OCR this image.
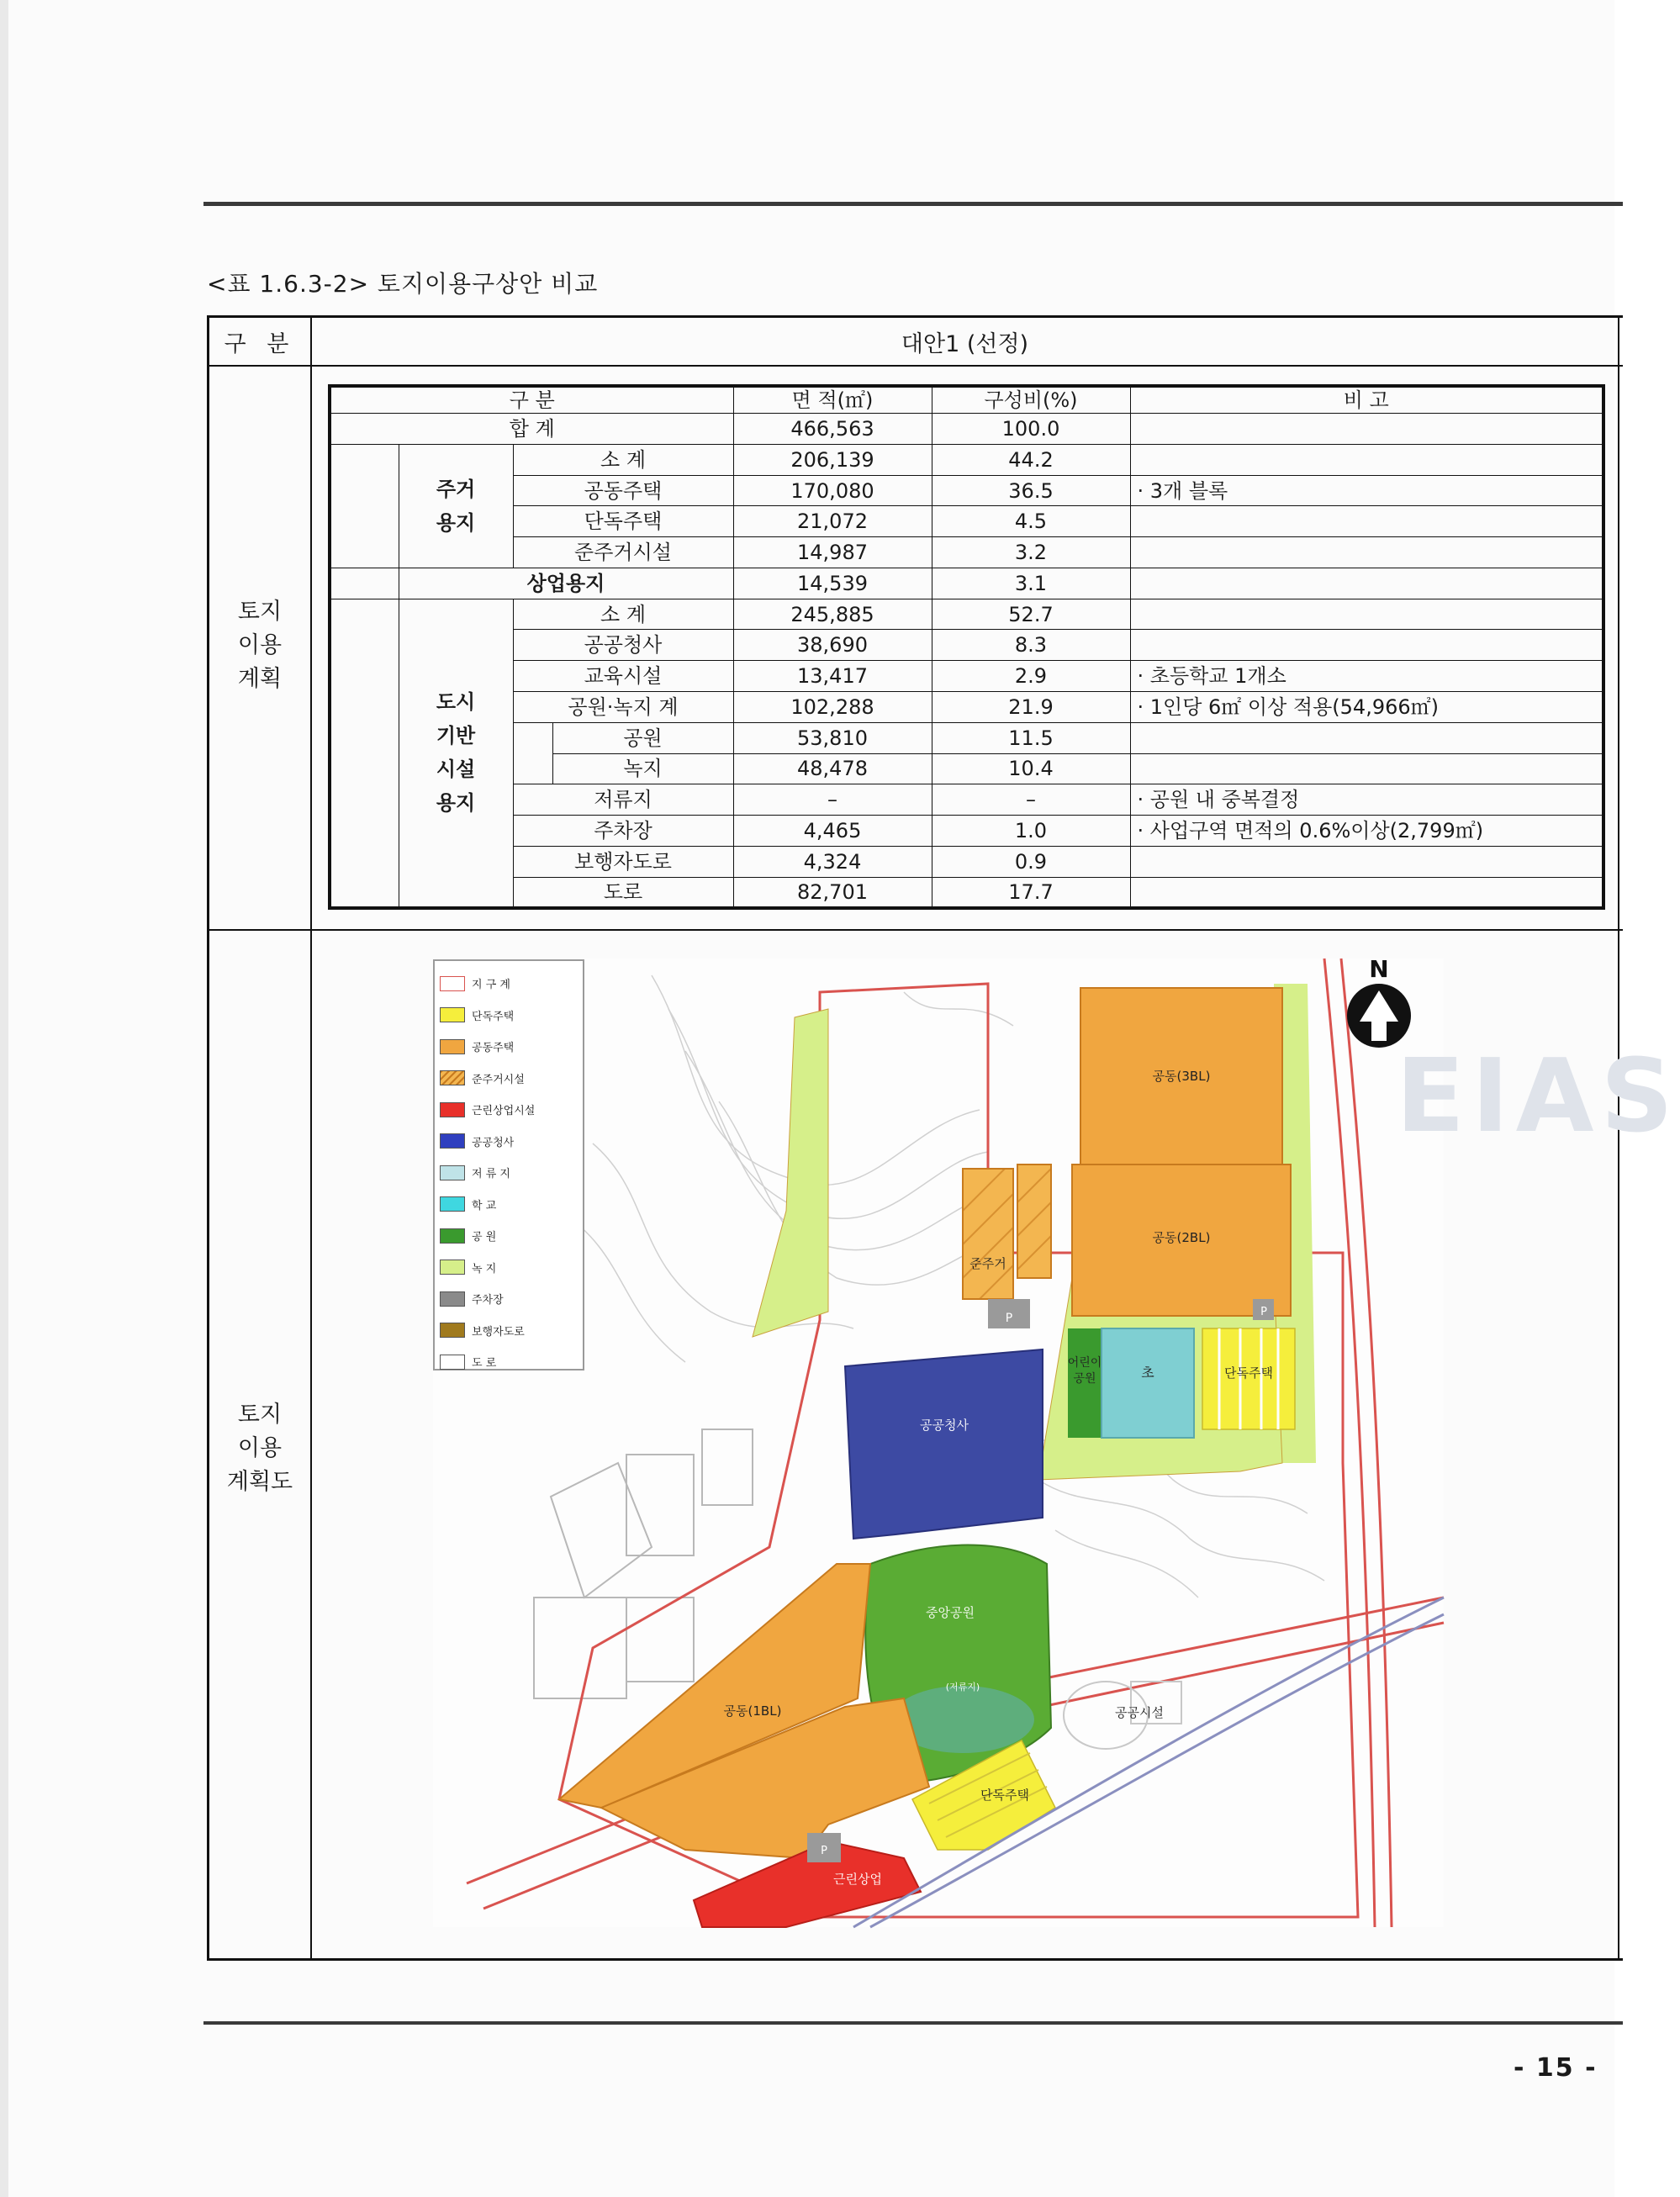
<표 1.6.3-2> 토지이용구상안 비교
구 분	대안1 (선정)
토지
이용
계획
토지
이용
계획도
구 분				면 적(㎡)	구성비(%)	비 고
합 계				466,563	100.0	

	주거
용지	소 계		206,139	44.2	
		공동주택		170,080	36.5	· 3개 블록
		단독주택		21,072	4.5	
		준주거시설		14,987	3.2	
	상업용지			14,539	3.1	

	도시
기반
시설
용지	소 계		245,885	52.7	
		공공청사		38,690	8.3	
		교육시설		13,417	2.9	· 초등학교 1개소
		공원·녹지 계		102,288	21.9	· 1인당 6㎡ 이상 적용(54,966㎡)
			공원	53,810	11.5	
			녹지	48,478	10.4	
		저류지		–	–	· 공원 내 중복결정
		주차장		4,465	1.0	· 사업구역 면적의 0.6%이상(2,799㎡)
		보행자도로		4,324	0.9	
		도로		82,701	17.7	
N
공동(3BL)
공동(2BL)
준주거
공공청사
어린이
공원	초	단독주택
중앙공원
(저류지)
공동(1BL)
단독주택
공공시설
근린상업
P	P
P
EIAS
지 구 계
단독주택
공동주택
준주거시설
근린상업시설
공공청사
저 류 지
학 교
공 원
녹 지
주차장
보행자도로
도 로
- 15 -
